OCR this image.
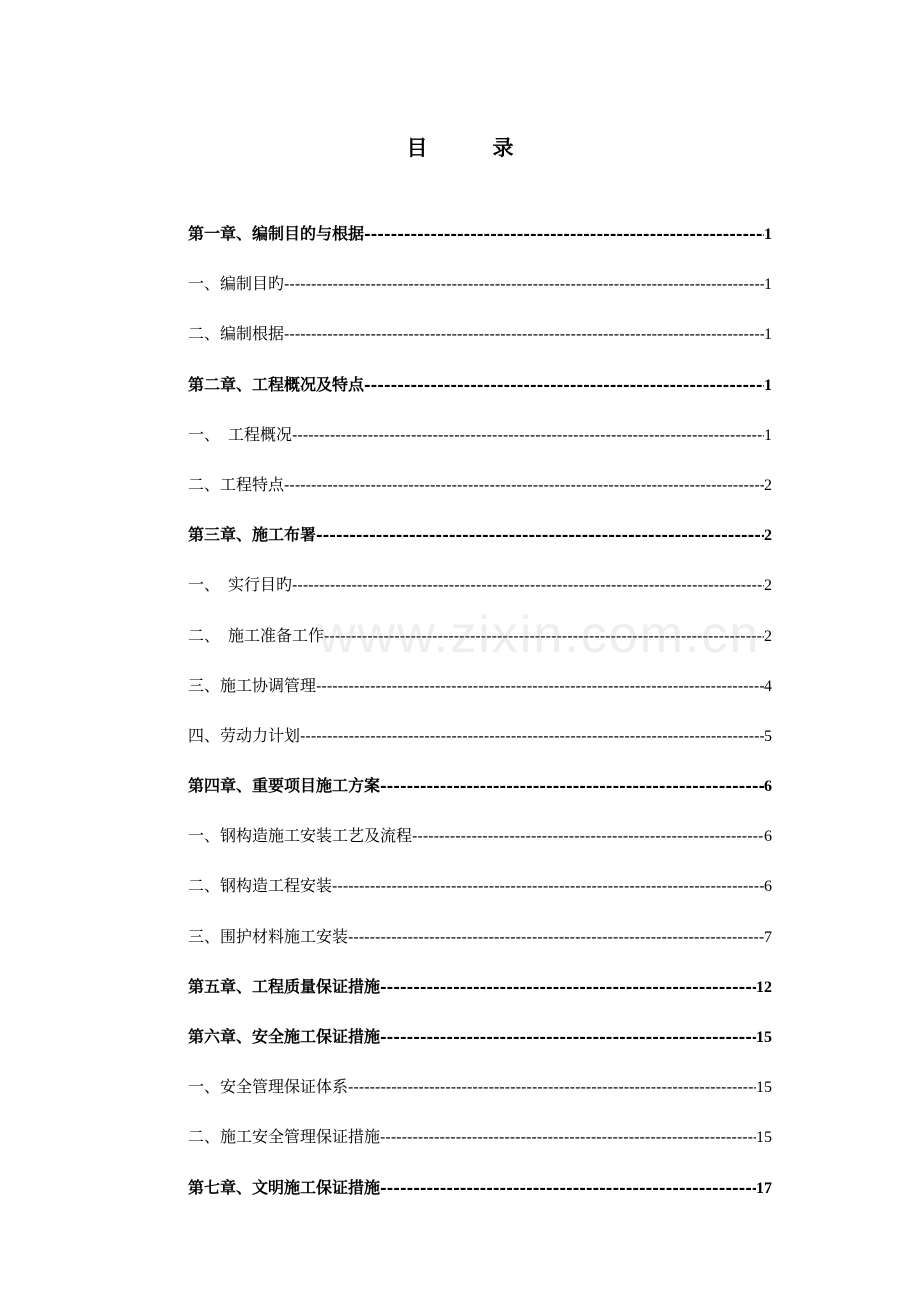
目　录
第一章、编制目的与根据 -----	1
一、编制目旳 -----	1
二、编制根据 -----	1
第二章、工程概况及特点 -----	1
一、　工程概况 -----	1
二、工程特点 -----	2
第三章、施工布署 -----	2
一、　实行目旳 -----	2
二、　施工准备工作 -----	2
三、施工协调管理 -----	4
四、劳动力计划 -----	5
第四章、重要项目施工方案 -----	6
一、钢构造施工安装工艺及流程 -----	6
二、钢构造工程安装 -----	6
三、围护材料施工安装 -----	7
第五章、工程质量保证措施 -----	12
第六章、安全施工保证措施 -----	15
一、安全管理保证体系 -----	15
二、施工安全管理保证措施 -----	15
第七章、文明施工保证措施 -----	17
www.zixin.com.cn
